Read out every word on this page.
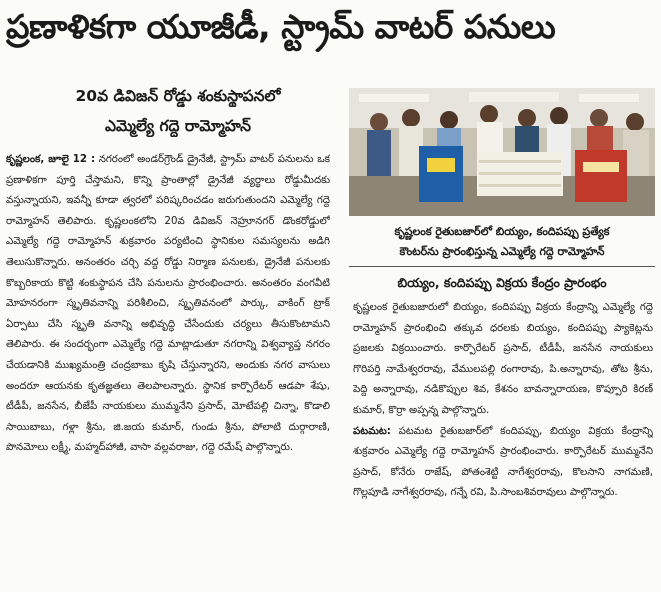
ప్రణాళికగా యూజీడీ, స్ట్రామ్ వాటర్ పనులు
20వ డివిజన్ రోడ్డు శంకుస్థాపనలో
ఎమ్మెల్యే గద్దె రామ్మోహన్

కృష్ణలంక, జూలై 12 : నగరంలో అండర్‌గ్రౌండ్ డ్రైనేజీ, స్ట్రామ్ వాటర్ పనులను ఒక ప్రణాళికగా పూర్తి చేస్తామని, కొన్ని ప్రాంతాల్లో డ్రైనేజీ వ్యర్థాలు రోడ్డుమీదకు వస్తున్నాయని, ఇవన్నీ కూడా త్వరలో పరిష్కరించడం జరుగుతుందని ఎమ్మెల్యే గద్దె రామ్మోహన్ తెలిపారు. కృష్ణలంకలోని 20వ డివిజన్ నెహ్రూనగర్ డొంకరోడ్డులో ఎమ్మెల్యే గద్దె రామ్మోహన్ శుక్రవారం పర్యటించి స్థానికుల సమస్యలను అడిగి తెలుసుకొన్నారు. అనంతరం చర్చి వద్ద రోడ్డు నిర్మాణ పనులకు, డ్రైనేజీ పనులకు కొబ్బరికాయ కొట్టి శంకుస్థాపన చేసి పనులను ప్రారంభించారు. అనంతరం వంగవీటి మోహనరంగా స్మృతివనాన్ని పరిశీలించి, స్మృతివనంలో పార్కు, వాకింగ్ ట్రాక్ ఏర్పాటు చేసి స్మృతి వనాన్ని అభివృద్ధి చేసేందుకు చర్యలు తీసుకొంటామని తెలిపారు. ఈ సందర్భంగా ఎమ్మెల్యే గద్దె మాట్లాడుతూ నగరాన్ని విశ్వవ్యాప్త నగరం చేయడానికి ముఖ్యమంత్రి చంద్రబాబు కృషి చేస్తున్నారని, అందుకు నగర వాసులు అందరూ ఆయనకు కృతజ్ఞతలు తెలపాలన్నారు. స్థానిక కార్పొరేటర్ ఆడపా శేషు, టీడీపీ, జనసేన, బీజేపీ నాయకులు ముమ్మనేని ప్రసాద్, మోటేపల్లి చిన్నా, కొడాలి సాయిబాబు, గళ్లా శ్రీను, జి.జయ కుమార్, గుండు శ్రీను, పోలాటి దుర్గారాణి, పొనమోలు లక్ష్మీ, మహ్మద్‌హాజీ, వాసా వల్లవరాజు, గద్దె రమేష్ పాల్గొన్నారు.

కృష్ణలంక రైతుబజార్‌లో బియ్యం, కందిపప్పు ప్రత్యేక
కౌంటర్‌ను ప్రారంభిస్తున్న ఎమ్మెల్యే గద్దె రామ్మోహన్
బియ్యం, కందిపప్పు విక్రయ కేంద్రం ప్రారంభం

కృష్ణలంక రైతుబజారులో బియ్యం, కందిపప్పు విక్రయ కేంద్రాన్ని ఎమ్మెల్యే గద్దె రామ్మోహన్ ప్రారంభించి తక్కువ ధరలకు బియ్యం, కందిపప్పు ప్యాకెట్లను ప్రజలకు విక్రయించారు. కార్పొరేటర్ ప్రసాద్, టీడీపీ, జనసేన నాయకులు గొరిపర్తి నామేశ్వరరావు, వేములపల్లి రంగారావు, పి.అన్నారావు, తోట శ్రీను, పెద్ది అన్నారావు, నడికొప్పుల శివ, కేశనం బావన్నారాయణ, కొప్పూరి కిరణ్ కుమార్, కొర్రా అప్పన్న పాల్గొన్నారు.

పటమట: పటమట రైతుబజార్‌లో కందిపప్పు, బియ్యం విక్రయ కేంద్రాన్ని శుక్రవారం ఎమ్మెల్యే గద్దె రామ్మోహన్ ప్రారంభించారు. కార్పొరేటర్ ముమ్మనేని ప్రసాద్, కోనేరు రాజేష్, పోతంశెట్టి నాగేశ్వరరావు, కొలసాని నాగమణి, గొల్లపూడి నాగేశ్వరరావు, గన్నే రవి, పి.సాంబశివరావులు పాల్గొన్నారు.
